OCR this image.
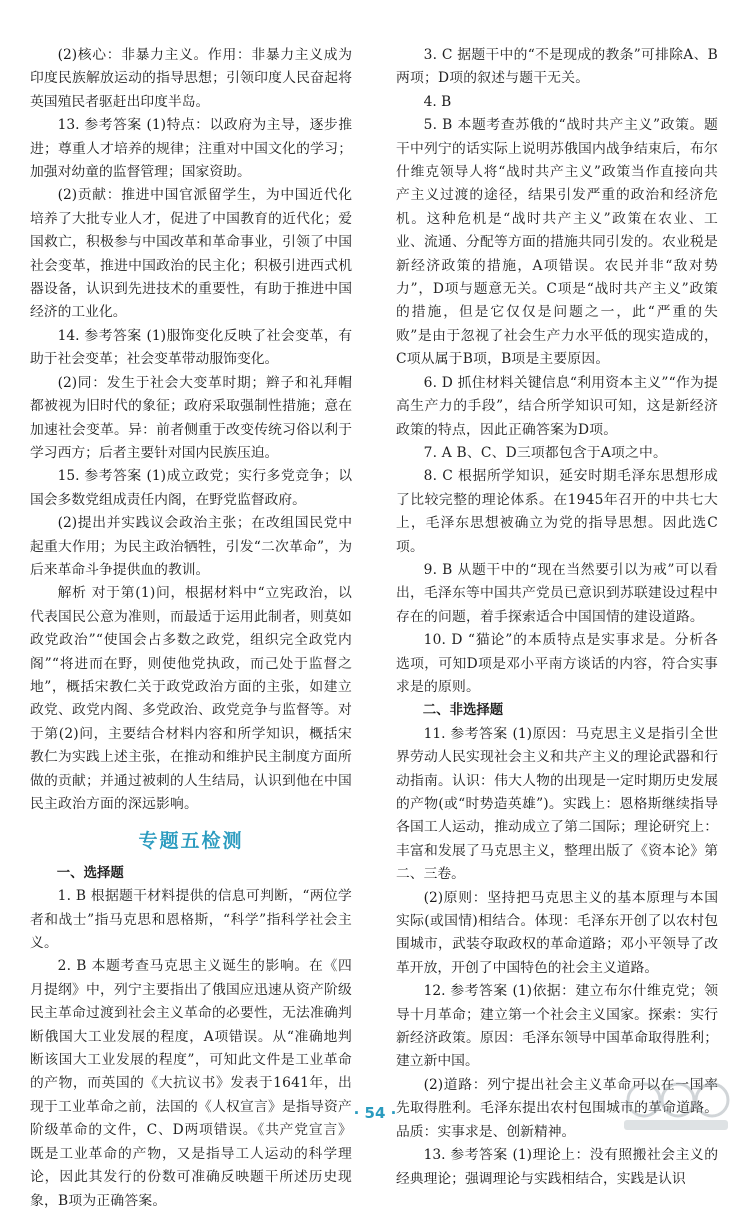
(2)核心：非暴力主义。作用：非暴力主义成为印度民族解放运动的指导思想；引领印度人民奋起将英国殖民者驱赶出印度半岛。

13. 参考答案 (1)特点：以政府为主导，逐步推进；尊重人才培养的规律；注重对中国文化的学习；加强对幼童的监督管理；国家资助。

(2)贡献：推进中国官派留学生，为中国近代化培养了大批专业人才，促进了中国教育的近代化；爱国救亡，积极参与中国改革和革命事业，引领了中国社会变革，推进中国政治的民主化；积极引进西式机器设备，认识到先进技术的重要性，有助于推进中国经济的工业化。

14. 参考答案 (1)服饰变化反映了社会变革，有助于社会变革；社会变革带动服饰变化。

(2)同：发生于社会大变革时期；辫子和礼拜帽都被视为旧时代的象征；政府采取强制性措施；意在加速社会变革。异：前者侧重于改变传统习俗以利于学习西方；后者主要针对国内民族压迫。

15. 参考答案 (1)成立政党；实行多党竞争；以国会多数党组成责任内阁，在野党监督政府。

(2)提出并实践议会政治主张；在改组国民党中起重大作用；为民主政治牺牲，引发“二次革命”，为后来革命斗争提供血的教训。

解析 对于第(1)问，根据材料中“立宪政治，以代表国民公意为准则，而最适于运用此制者，则莫如政党政治”“使国会占多数之政党，组织完全政党内阁”“将进而在野，则使他党执政，而己处于监督之地”，概括宋教仁关于政党政治方面的主张，如建立政党、政党内阁、多党政治、政党竞争与监督等。对于第(2)问，主要结合材料内容和所学知识，概括宋教仁为实践上述主张，在推动和维护民主制度方面所做的贡献；并通过被刺的人生结局，认识到他在中国民主政治方面的深远影响。

专题五检测

一、选择题

1. B 根据题干材料提供的信息可判断，“两位学者和战士”指马克思和恩格斯，“科学”指科学社会主义。

2. B 本题考查马克思主义诞生的影响。在《四月提纲》中，列宁主要指出了俄国应迅速从资产阶级民主革命过渡到社会主义革命的必要性，无法准确判断俄国大工业发展的程度，A项错误。从“准确地判断该国大工业发展的程度”，可知此文件是工业革命的产物，而英国的《大抗议书》发表于1641年，出现于工业革命之前，法国的《人权宣言》是指导资产阶级革命的文件，C、D两项错误。《共产党宣言》既是工业革命的产物，又是指导工人运动的科学理论，因此其发行的份数可准确反映题干所述历史现象，B项为正确答案。

3. C 据题干中的“不是现成的教条”可排除A、B两项；D项的叙述与题干无关。

4. B

5. B 本题考查苏俄的“战时共产主义”政策。题干中列宁的话实际上说明苏俄国内战争结束后，布尔什维克领导人将“战时共产主义”政策当作直接向共产主义过渡的途径，结果引发严重的政治和经济危机。这种危机是“战时共产主义”政策在农业、工业、流通、分配等方面的措施共同引发的。农业税是新经济政策的措施，A项错误。农民并非“敌对势力”，D项与题意无关。C项是“战时共产主义”政策的措施，但是它仅仅是问题之一，此“严重的失败”是由于忽视了社会生产力水平低的现实造成的，C项从属于B项，B项是主要原因。

6. D 抓住材料关键信息“利用资本主义”“作为提高生产力的手段”，结合所学知识可知，这是新经济政策的特点，因此正确答案为D项。

7. A B、C、D三项都包含于A项之中。

8. C 根据所学知识，延安时期毛泽东思想形成了比较完整的理论体系。在1945年召开的中共七大上，毛泽东思想被确立为党的指导思想。因此选C项。

9. B 从题干中的“现在当然要引以为戒”可以看出，毛泽东等中国共产党员已意识到苏联建设过程中存在的问题，着手探索适合中国国情的建设道路。

10. D “猫论”的本质特点是实事求是。分析各选项，可知D项是邓小平南方谈话的内容，符合实事求是的原则。

二、非选择题

11. 参考答案 (1)原因：马克思主义是指引全世界劳动人民实现社会主义和共产主义的理论武器和行动指南。认识：伟大人物的出现是一定时期历史发展的产物(或“时势造英雄”)。实践上：恩格斯继续指导各国工人运动，推动成立了第二国际；理论研究上：丰富和发展了马克思主义，整理出版了《资本论》第二、三卷。

(2)原则：坚持把马克思主义的基本原理与本国实际(或国情)相结合。体现：毛泽东开创了以农村包围城市，武装夺取政权的革命道路；邓小平领导了改革开放，开创了中国特色的社会主义道路。

12. 参考答案 (1)依据：建立布尔什维克党；领导十月革命；建立第一个社会主义国家。探索：实行新经济政策。原因：毛泽东领导中国革命取得胜利；建立新中国。

(2)道路：列宁提出社会主义革命可以在一国率先取得胜利。毛泽东提出农村包围城市的革命道路。品质：实事求是、创新精神。

13. 参考答案 (1)理论上：没有照搬社会主义的经典理论；强调理论与实践相结合，实践是认识

· 54 ·
